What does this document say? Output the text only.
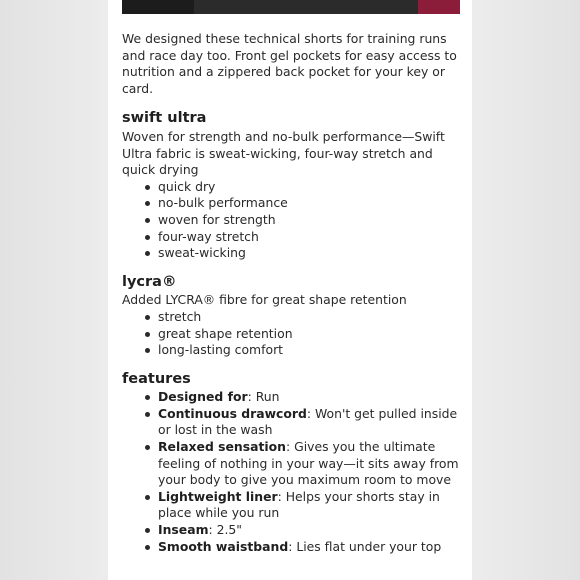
We designed these technical shorts for training runs and race day too. Front gel pockets for easy access to nutrition and a zippered back pocket for your key or card.

swift ultra

Woven for strength and no-bulk performance—Swift Ultra fabric is sweat-wicking, four-way stretch and quick drying

quick dry
no-bulk performance
woven for strength
four-way stretch
sweat-wicking
lycra®

Added LYCRA® fibre for great shape retention

stretch
great shape retention
long-lasting comfort
features
Designed for: Run
Continuous drawcord: Won't get pulled inside or lost in the wash
Relaxed sensation: Gives you the ultimate feeling of nothing in your way—it sits away from your body to give you maximum room to move
Lightweight liner: Helps your shorts stay in place while you run
Inseam: 2.5"
Smooth waistband: Lies flat under your top
